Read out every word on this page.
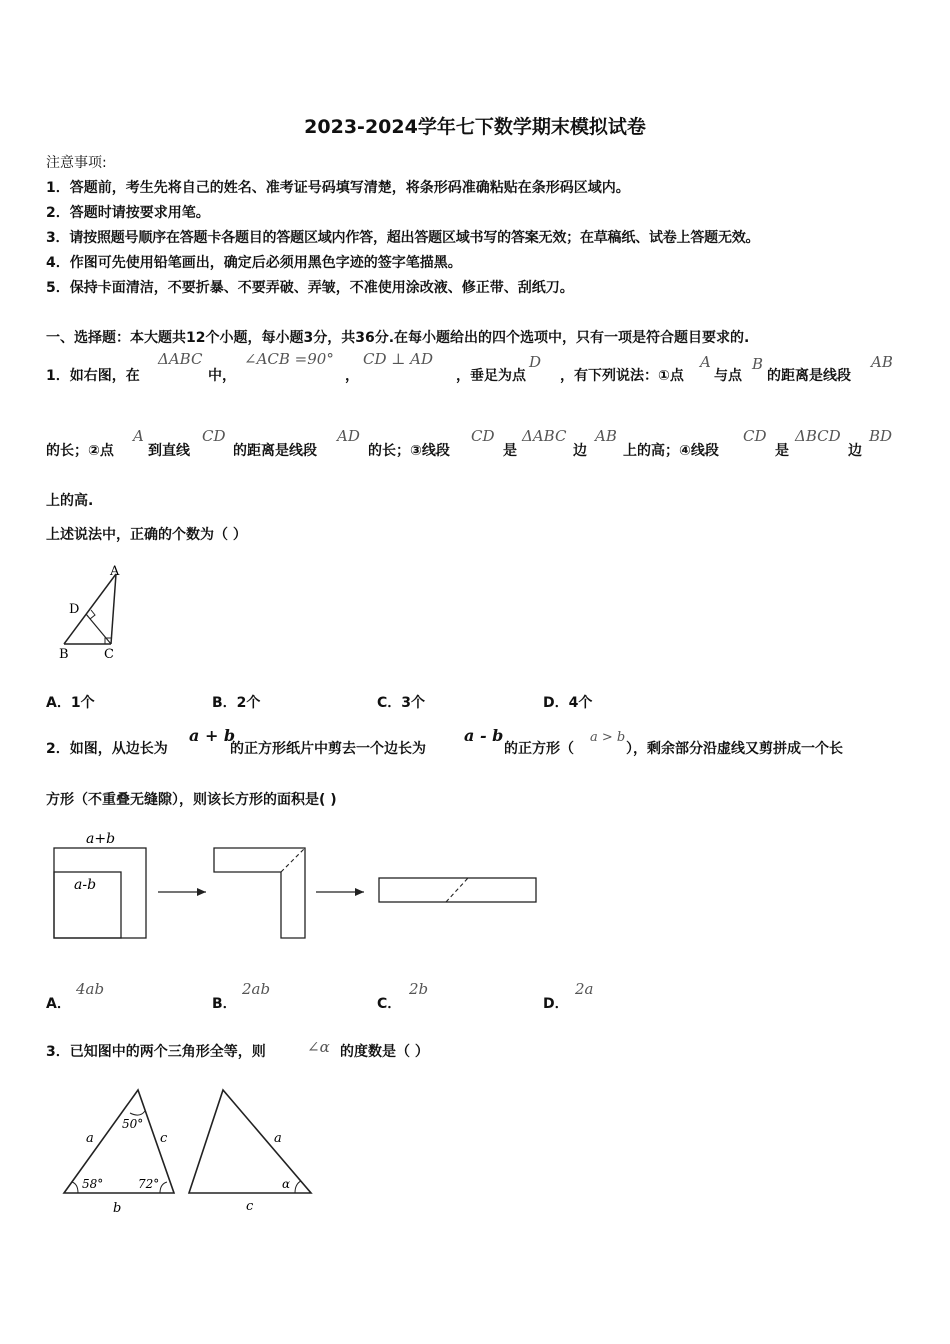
2023-2024学年七下数学期末模拟试卷
注意事项:
1．答题前，考生先将自己的姓名、准考证号码填写清楚，将条形码准确粘贴在条形码区域内。
2．答题时请按要求用笔。
3．请按照题号顺序在答题卡各题目的答题区域内作答，超出答题区域书写的答案无效；在草稿纸、试卷上答题无效。
4．作图可先使用铅笔画出，确定后必须用黑色字迹的签字笔描黑。
5．保持卡面清洁，不要折暴、不要弄破、弄皱，不准使用涂改液、修正带、刮纸刀。
一、选择题：本大题共12个小题，每小题3分，共36分.在每小题给出的四个选项中，只有一项是符合题目要求的.
1．如右图，在
ΔABC
中，
∠ACB =90°
，
CD ⊥ AD
，垂足为点
D
，有下列说法：①点
A
与点
B
的距离是线段
AB
的长；②点
A
到直线
CD
的距离是线段
AD
的长；③线段
CD
是
ΔABC
边
AB
上的高；④线段
CD
是
ΔBCD
边
BD
上的高.
上述说法中，正确的个数为（ ）
A
D
B	C
A．1个	B．2个	C．3个	D．4个
2．如图，从边长为
a + b
的正方形纸片中剪去一个边长为
a - b
的正方形（
a > b
），剩余部分沿虚线又剪拼成一个长
方形（不重叠无缝隙），则该长方形的面积是( )
a+b
a-b
A．
4ab
B．
2ab
C．
2b
D．
2a
3．已知图中的两个三角形全等，则	∠α 的度数是（ ）
50°
a	c
58°	72°
b
a
α
c
